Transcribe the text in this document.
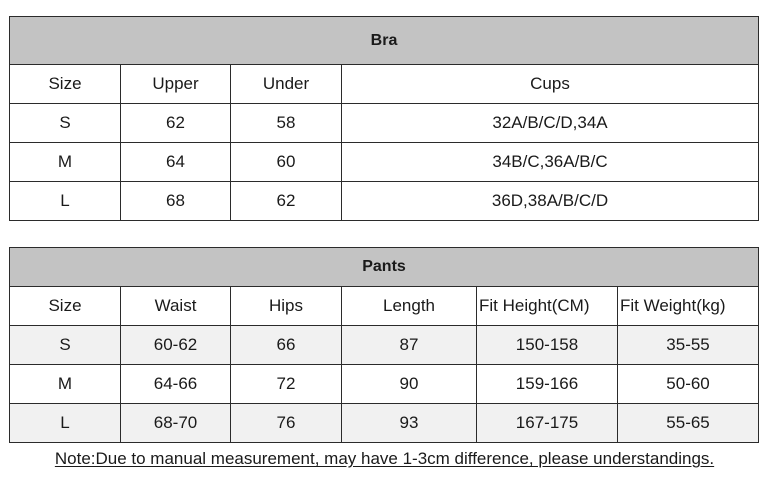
Bra			
Size	Upper	Under	Cups
S	62	58	32A/B/C/D,34A
M	64	60	34B/C,36A/B/C
L	68	62	36D,38A/B/C/D
Pants					
Size	Waist	Hips	Length	Fit Height(CM)	Fit Weight(kg)
S	60-62	66	87	150-158	35-55
M	64-66	72	90	159-166	50-60
L	68-70	76	93	167-175	55-65
Note:Due to manual measurement, may have 1-3cm difference, please understandings.
